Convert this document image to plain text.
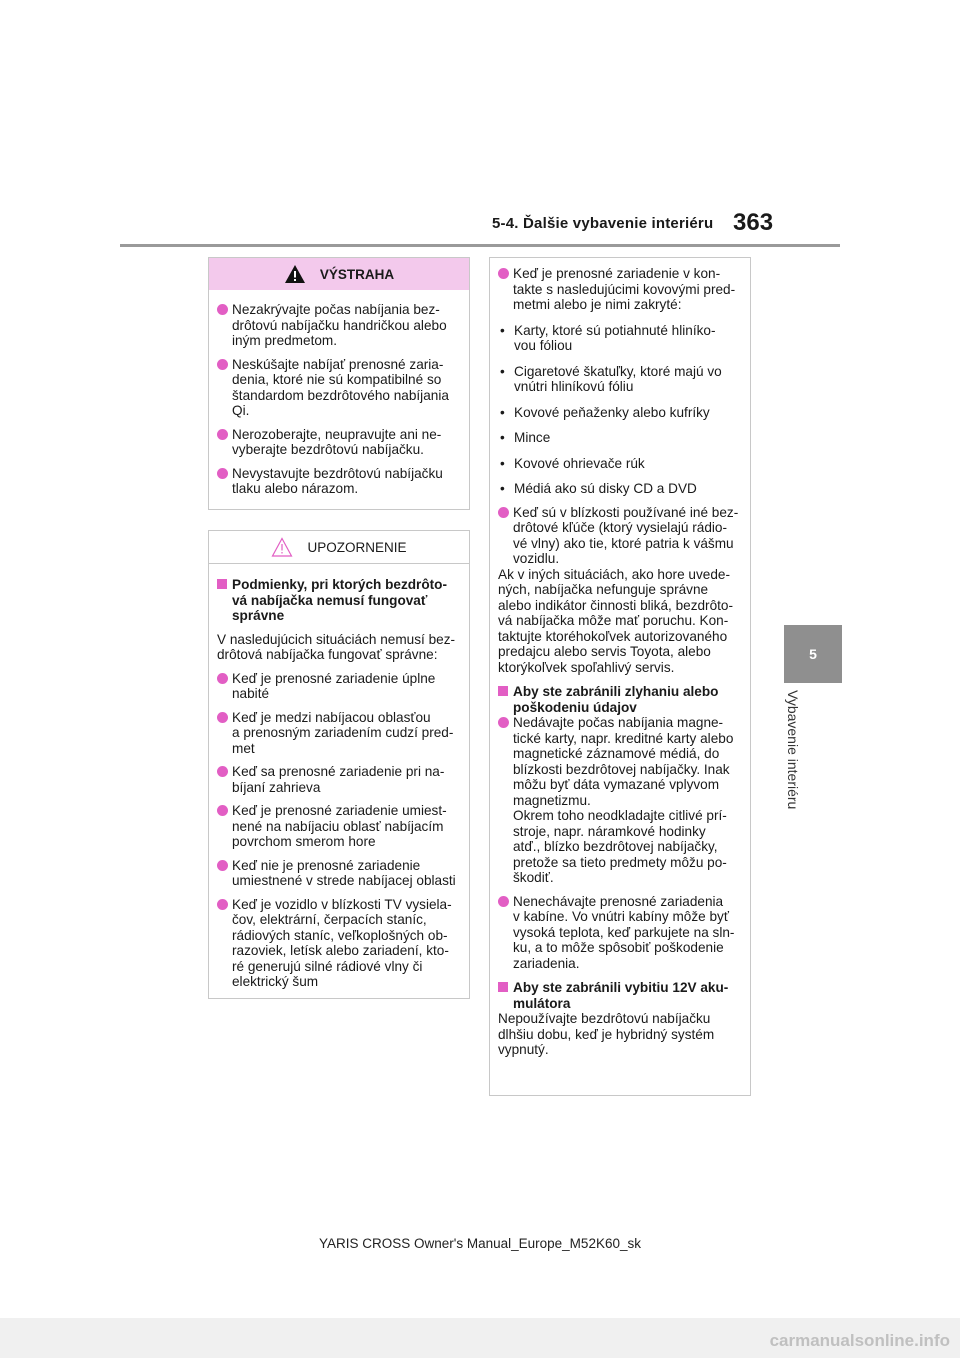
5-4. Ďalšie vybavenie interiéru 363
5
Vybavenie interiéru
VÝSTRAHA
Nezakrývajte počas nabíjania bez-
drôtovú nabíjačku handričkou alebo
iným predmetom.
Neskúšajte nabíjať prenosné zaria-
denia, ktoré nie sú kompatibilné so
štandardom bezdrôtového nabíjania
Qi.
Nerozoberajte, neupravujte ani ne-
vyberajte bezdrôtovú nabíjačku.
Nevystavujte bezdrôtovú nabíjačku
tlaku alebo nárazom.
UPOZORNENIE
Podmienky, pri ktorých bezdrôto-
vá nabíjačka nemusí fungovať
správne
V nasledujúcich situáciách nemusí bez-
drôtová nabíjačka fungovať správne:
Keď je prenosné zariadenie úplne
nabité
Keď je medzi nabíjacou oblasťou
a prenosným zariadením cudzí pred-
met
Keď sa prenosné zariadenie pri na-
bíjaní zahrieva
Keď je prenosné zariadenie umiest-
nené na nabíjaciu oblasť nabíjacím
povrchom smerom hore
Keď nie je prenosné zariadenie
umiestnené v strede nabíjacej oblasti
Keď je vozidlo v blízkosti TV vysiela-
čov, elektrární, čerpacích staníc,
rádiových staníc, veľkoplošných ob-
razoviek, letísk alebo zariadení, kto-
ré generujú silné rádiové vlny či
elektrický šum
Keď je prenosné zariadenie v kon-
takte s nasledujúcimi kovovými pred-
metmi alebo je nimi zakryté:
• Karty, ktoré sú potiahnuté hliníko-
vou fóliou
• Cigaretové škatuľky, ktoré majú vo
vnútri hliníkovú fóliu
• Kovové peňaženky alebo kufríky
• Mince
• Kovové ohrievače rúk
• Médiá ako sú disky CD a DVD
Keď sú v blízkosti používané iné bez-
drôtové kľúče (ktorý vysielajú rádio-
vé vlny) ako tie, ktoré patria k vášmu
vozidlu.
Ak v iných situáciách, ako hore uvede-
ných, nabíjačka nefunguje správne
alebo indikátor činnosti bliká, bezdrôto-
vá nabíjačka môže mať poruchu. Kon-
taktujte ktoréhokoľvek autorizovaného
predajcu alebo servis Toyota, alebo
ktorýkoľvek spoľahlivý servis.
Aby ste zabránili zlyhaniu alebo
poškodeniu údajov
Nedávajte počas nabíjania magne-
tické karty, napr. kreditné karty alebo
magnetické záznamové médiá, do
blízkosti bezdrôtovej nabíjačky. Inak
môžu byť dáta vymazané vplyvom
magnetizmu.
Okrem toho neodkladajte citlivé prí-
stroje, napr. náramkové hodinky
atď., blízko bezdrôtovej nabíjačky,
pretože sa tieto predmety môžu po-
škodiť.
Nenechávajte prenosné zariadenia
v kabíne. Vo vnútri kabíny môže byť
vysoká teplota, keď parkujete na sln-
ku, a to môže spôsobiť poškodenie
zariadenia.
Aby ste zabránili vybitiu 12V aku-
mulátora
Nepoužívajte bezdrôtovú nabíjačku
dlhšiu dobu, keď je hybridný systém
vypnutý.
YARIS CROSS Owner's Manual_Europe_M52K60_sk
carmanualsonline.info
